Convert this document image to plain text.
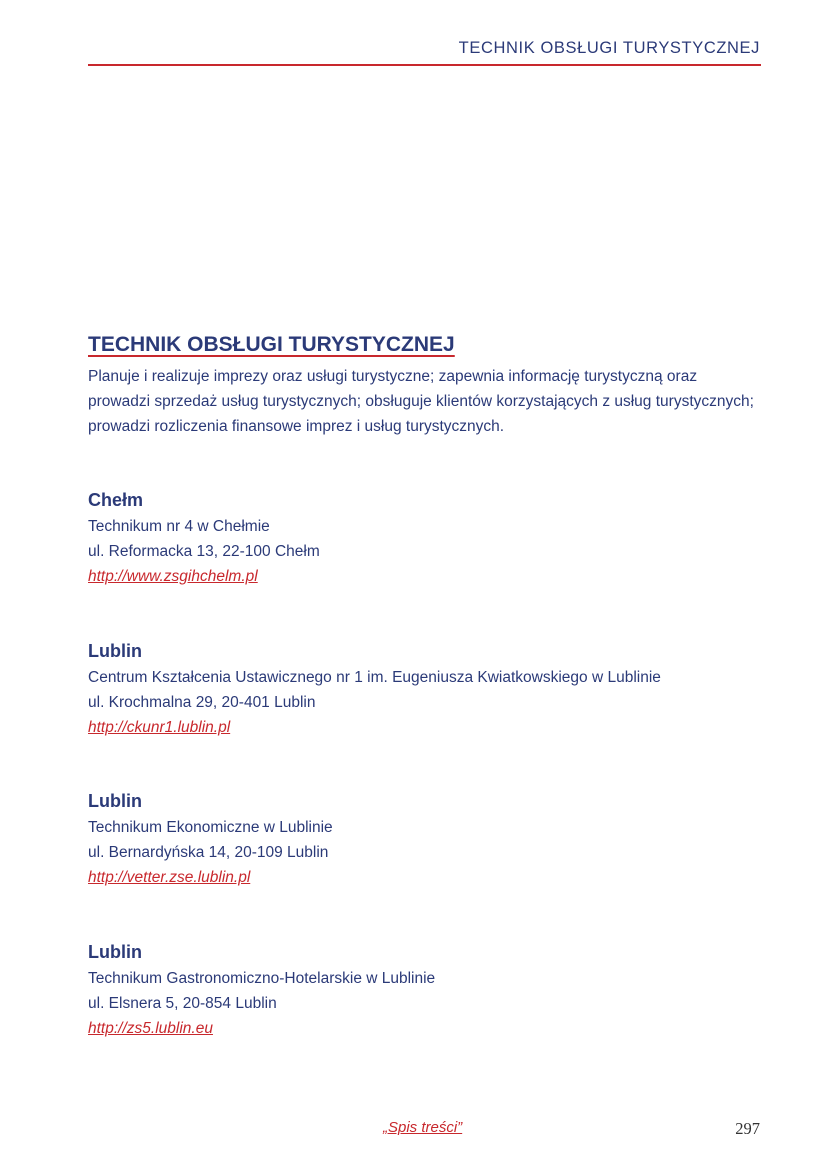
TECHNIK OBSŁUGI TURYSTYCZNEJ
TECHNIK OBSŁUGI TURYSTYCZNEJ

Planuje i realizuje imprezy oraz usługi turystyczne; zapewnia informację turystyczną oraz prowadzi sprzedaż usług turystycznych; obsługuje klientów korzystających z usług turystycznych; prowadzi rozliczenia finansowe imprez i usług turystycznych.

Chełm
Technikum nr 4 w Chełmie
ul. Reformacka 13, 22-100 Chełm
http://www.zsgihchelm.pl
Lublin
Centrum Kształcenia Ustawicznego nr 1 im. Eugeniusza Kwiatkowskiego w Lublinie
ul. Krochmalna 29, 20-401 Lublin
http://ckunr1.lublin.pl
Lublin
Technikum Ekonomiczne w Lublinie
ul. Bernardyńska 14, 20-109 Lublin
http://vetter.zse.lublin.pl
Lublin
Technikum Gastronomiczno-Hotelarskie w Lublinie
ul. Elsnera 5, 20-854 Lublin
http://zs5.lublin.eu
„Spis treści”	297
